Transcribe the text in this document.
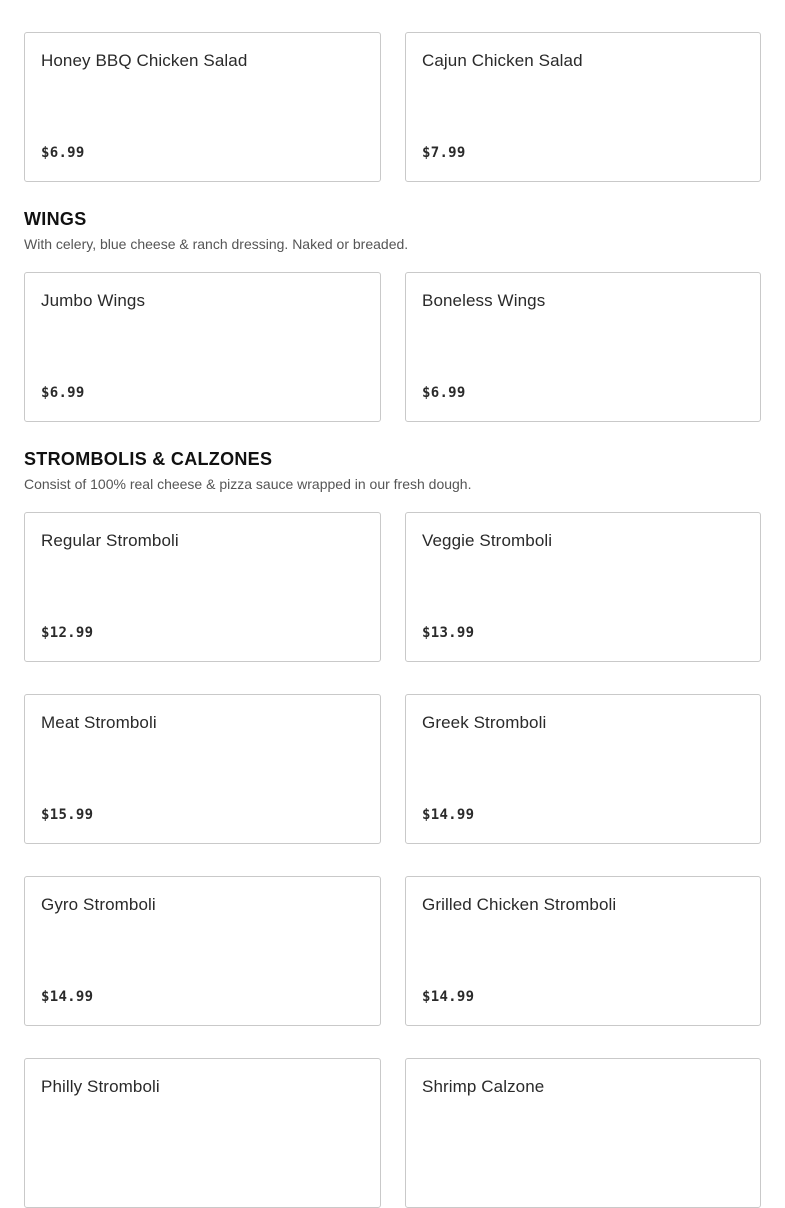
Honey BBQ Chicken Salad
$6.99
Cajun Chicken Salad
$7.99
WINGS
With celery, blue cheese & ranch dressing. Naked or breaded.
Jumbo Wings
$6.99
Boneless Wings
$6.99
STROMBOLIS & CALZONES
Consist of 100% real cheese & pizza sauce wrapped in our fresh dough.
Regular Stromboli
$12.99
Veggie Stromboli
$13.99
Meat Stromboli
$15.99
Greek Stromboli
$14.99
Gyro Stromboli
$14.99
Grilled Chicken Stromboli
$14.99
Philly Stromboli	Shrimp Calzone
